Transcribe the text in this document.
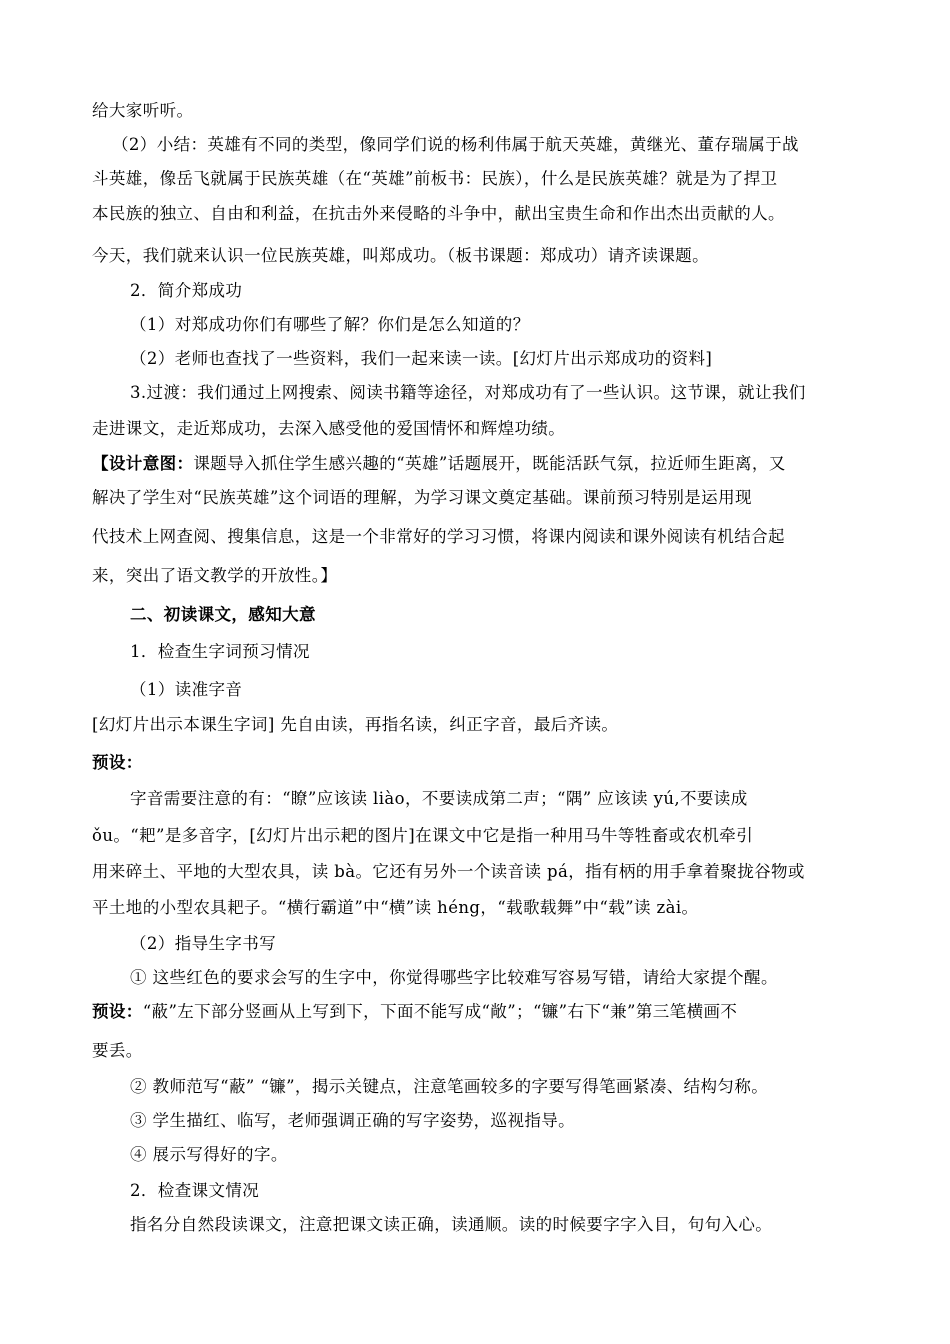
给大家听听。
（2）小结：英雄有不同的类型，像同学们说的杨利伟属于航天英雄，黄继光、董存瑞属于战
斗英雄，像岳飞就属于民族英雄（在“英雄”前板书：民族），什么是民族英雄？就是为了捍卫
本民族的独立、自由和利益，在抗击外来侵略的斗争中，献出宝贵生命和作出杰出贡献的人。
今天，我们就来认识一位民族英雄，叫郑成功。（板书课题：郑成功）请齐读课题。
2．简介郑成功
（1）对郑成功你们有哪些了解？你们是怎么知道的？
（2）老师也查找了一些资料，我们一起来读一读。[幻灯片出示郑成功的资料]
3.过渡：我们通过上网搜索、阅读书籍等途径，对郑成功有了一些认识。这节课，就让我们
走进课文，走近郑成功，去深入感受他的爱国情怀和辉煌功绩。
【设计意图：课题导入抓住学生感兴趣的“英雄”话题展开，既能活跃气氛，拉近师生距离，又
解决了学生对“民族英雄”这个词语的理解，为学习课文奠定基础。课前预习特别是运用现
代技术上网查阅、搜集信息，这是一个非常好的学习习惯，将课内阅读和课外阅读有机结合起
来，突出了语文教学的开放性。】
二、初读课文，感知大意
1．检查生字词预习情况
（1）读准字音
[幻灯片出示本课生字词] 先自由读，再指名读，纠正字音，最后齐读。
预设：
字音需要注意的有：“瞭”应该读 liào，不要读成第二声；“隅” 应该读 yú,不要读成
ǒu。“耙”是多音字，[幻灯片出示耙的图片]在课文中它是指一种用马牛等牲畜或农机牵引
用来碎土、平地的大型农具，读 bà。它还有另外一个读音读 pá，指有柄的用手拿着聚拢谷物或
平土地的小型农具耙子。“横行霸道”中“横”读 héng，“载歌载舞”中“载”读 zài。
（2）指导生字书写
① 这些红色的要求会写的生字中，你觉得哪些字比较难写容易写错，请给大家提个醒。
预设：“蔽”左下部分竖画从上写到下，下面不能写成“敞”；“镰”右下“兼”第三笔横画不
要丢。
② 教师范写“蔽” “镰”，揭示关键点，注意笔画较多的字要写得笔画紧凑、结构匀称。
③ 学生描红、临写，老师强调正确的写字姿势，巡视指导。
④ 展示写得好的字。
2．检查课文情况
指名分自然段读课文，注意把课文读正确，读通顺。读的时候要字字入目，句句入心。
